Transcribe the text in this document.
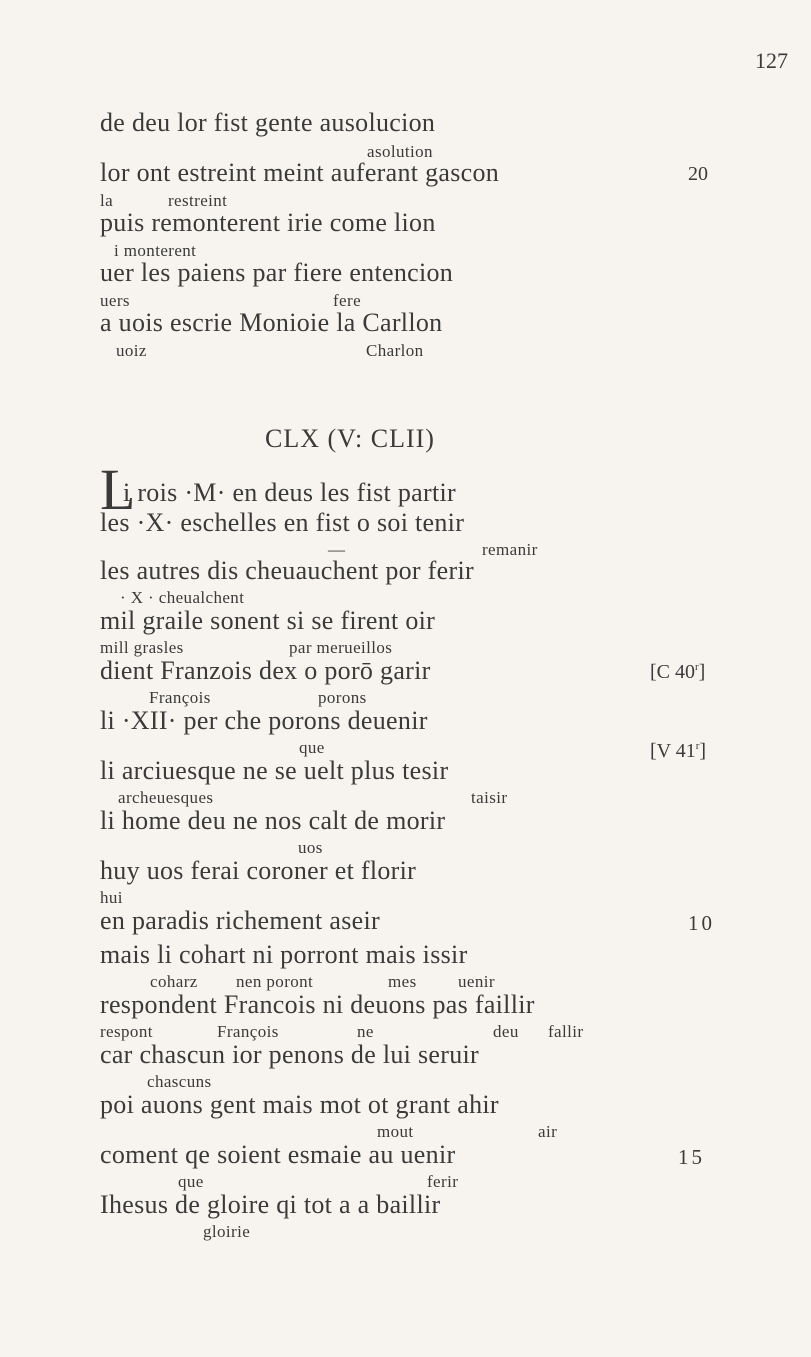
127
de deu lor fist gente ausolucion
asolution
lor ont estreint meint auferant gascon	20
la	restreint
puis remonterent irie come lion
i monterent
uer les paiens par fiere entencion
uers	fere
a uois escrie Monioie la Carllon
uoiz	Charlon
CLX (V: CLII)
L
i rois ·M· en deus les fist partir
les ·X· eschelles en fist o soi tenir
—	remanir
les autres dis cheuauchent por ferir
· X · cheualchent
mil graile sonent si se firent oir
mill grasles	par merueillos
dient Franzois dex o porō garir	[C 40$^r$]
François	porons
li ·XII· per che porons deuenir
que	[V 41$^r$]
li arciuesque ne se uelt plus tesir
archeuesques	taisir
li home deu ne nos calt de morir
uos
huy uos ferai coroner et florir
hui
en paradis richement aseir	10
mais li cohart ni porront mais issir
coharz nen poront	mes uenir
respondent Francois ni deuons pas faillir
respont	François	ne	deu fallir
car chascun ior penons de lui seruir
chascuns
poi auons gent mais mot ot grant ahir
mout	air
coment qe soient esmaie au uenir	15
que	ferir
Ihesus de gloire qi tot a a baillir
gloirie
